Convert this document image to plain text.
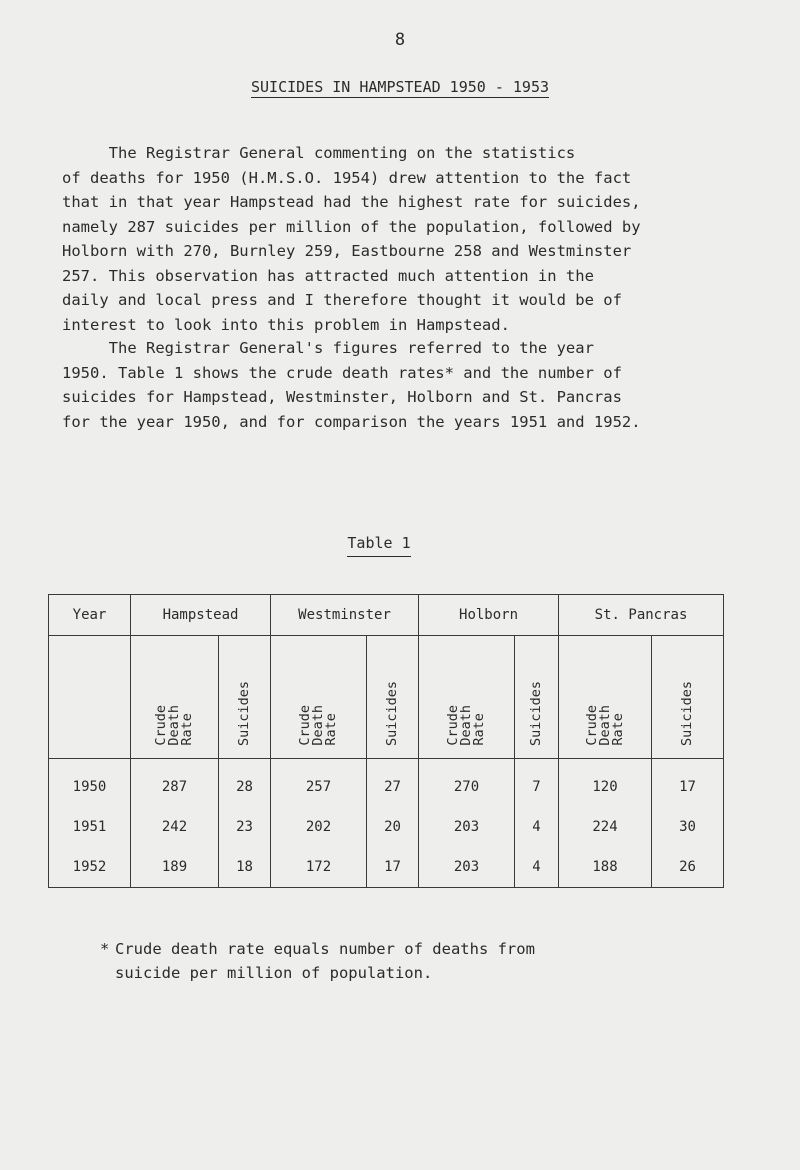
8
SUICIDES IN HAMPSTEAD 1950 - 1953

The Registrar General commenting on the statistics
of deaths for 1950 (H.M.S.O. 1954) drew attention to the fact
that in that year Hampstead had the highest rate for suicides,
namely 287 suicides per million of the population, followed by
Holborn with 270, Burnley 259, Eastbourne 258 and Westminster
257. This observation has attracted much attention in the
daily and local press and I therefore thought it would be of
interest to look into this problem in Hampstead.

The Registrar General's figures referred to the year
1950. Table 1 shows the crude death rates* and the number of
suicides for Hampstead, Westminster, Holborn and St. Pancras
for the year 1950, and for comparison the years 1951 and 1952.

Table 1
Year	Hampstead		Westminster		Holborn		St. Pancras	
	Crude
Death
Rate	Suicides	Crude
Death
Rate	Suicides	Crude
Death
Rate	Suicides	Crude
Death
Rate	Suicides
1950	287	28	257	27	270	7	120	17
1951	242	23	202	20	203	4	224	30
1952	189	18	172	17	203	4	188	26

* Crude death rate equals number of deaths from
suicide per million of population.
